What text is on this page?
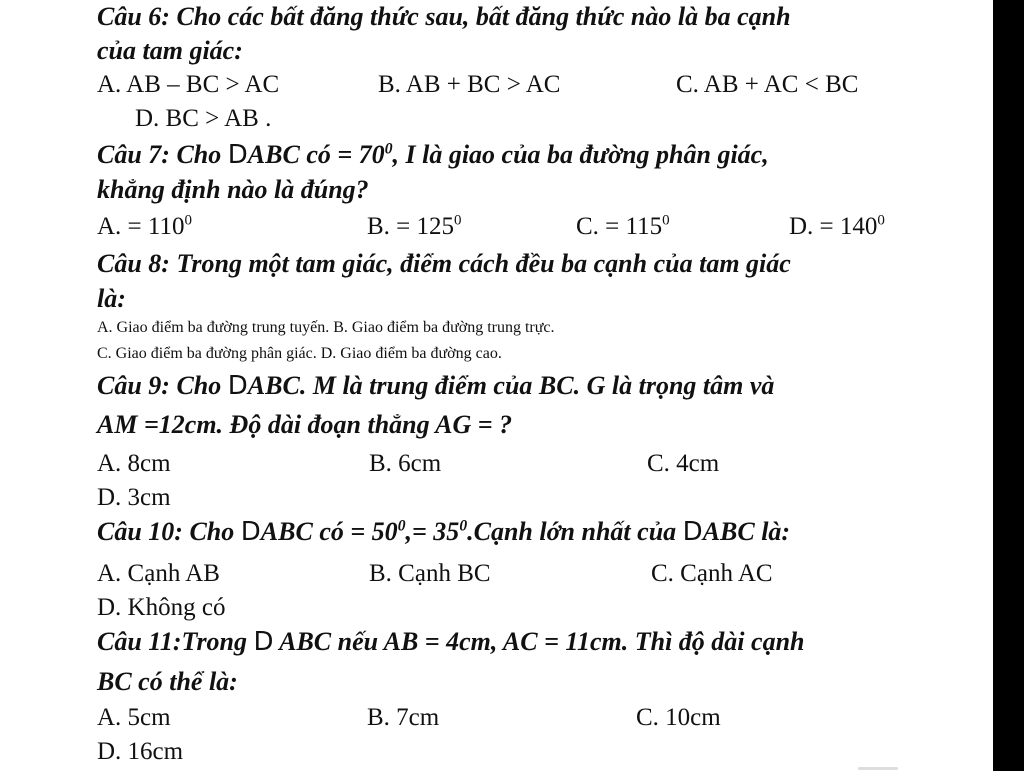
Câu 6: Cho các bất đăng thức sau, bất đăng thức nào là ba cạnh
của tam giác:
A. AB – BC > AC	B. AB + BC > AC	C. AB + AC < BC
D. BC > AB .
Câu 7: Cho DABC có = $70^0$, I là giao của ba đường phân giác,
khẳng định nào là đúng?
A. = $110^0$	B. = $125^0$	C. = $115^0$	D. = $140^0$
Câu 8: Trong một tam giác, điểm cách đều ba cạnh của tam giác
là:
A. Giao điểm ba đường trung tuyến. B. Giao điểm ba đường trung trực.
C. Giao điểm ba đường phân giác. D. Giao điểm ba đường cao.
Câu 9: Cho DABC. M là trung điểm của BC. G là trọng tâm và
AM =12cm. Độ dài đoạn thẳng AG = ?
A. 8cm	B. 6cm	C. 4cm
D. 3cm
Câu 10: Cho DABC có = $50^0,=$ $35^0.Cạnh$ lớn nhất của DABC là:
A. Cạnh AB	B. Cạnh BC	C. Cạnh AC
D. Không có
Câu 11:Trong D ABC nếu AB = 4cm, AC = 11cm. Thì độ dài cạnh
BC có thể là:
A. 5cm	B. 7cm	C. 10cm
D. 16cm
